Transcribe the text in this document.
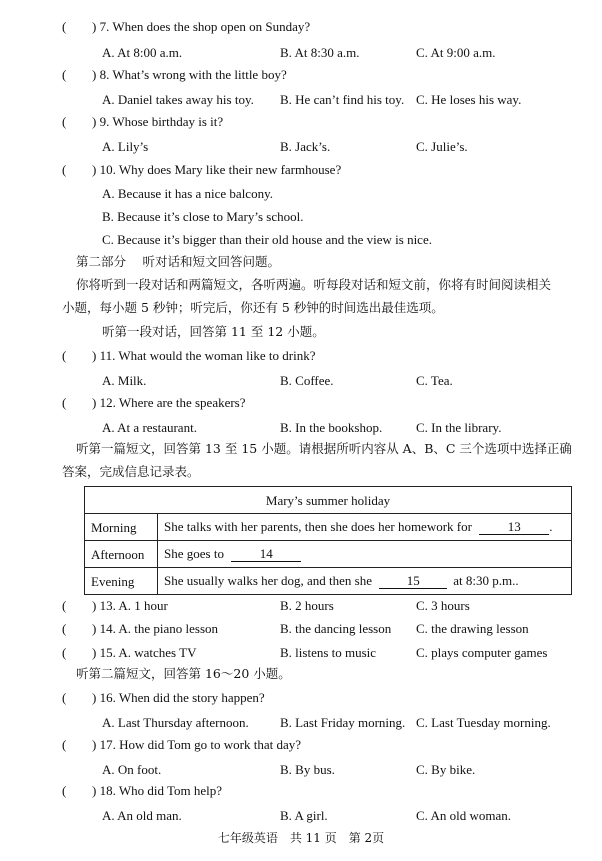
( ) 7. When does the shop open on Sunday?
A. At 8:00 a.m.	B. At 8:30 a.m.	C. At 9:00 a.m.
( ) 8. What’s wrong with the little boy?
A. Daniel takes away his toy. B. He can’t find his toy. C. He loses his way.
( ) 9. Whose birthday is it?
A. Lily’s	B. Jack’s.	C. Julie’s.
( ) 10. Why does Mary like their new farmhouse?
A. Because it has a nice balcony.
B. Because it’s close to Mary’s school.
C. Because it’s bigger than their old house and the view is nice.
第二部分　 听对话和短文回答问题。
你将听到一段对话和两篇短文，各听两遍。听每段对话和短文前，你将有时间阅读相关
小题，每小题 5 秒钟；听完后，你还有 5 秒钟的时间选出最佳选项。
听第一段对话，回答第 11 至 12 小题。
( ) 11. What would the woman like to drink?
A. Milk.	B. Coffee.	C. Tea.
( ) 12. Where are the speakers?
A. At a restaurant.	B. In the bookshop.	C. In the library.
听第一篇短文，回答第 13 至 15 小题。请根据所听内容从 A、B、C 三个选项中选择正确
答案，完成信息记录表。
Mary’s summer holiday	
Morning	She talks with her parents, then she does her homework for 13 .
Afternoon	She goes to 14
Evening	She usually walks her dog, and then she 15 at 8:30 p.m..
( ) 13. A. 1 hour	B. 2 hours	C. 3 hours
( ) 14. A. the piano lesson	B. the dancing lesson C. the drawing lesson
( ) 15. A. watches TV	B. listens to music	C. plays computer games
听第二篇短文，回答第 16～20 小题。
( ) 16. When did the story happen?
A. Last Thursday afternoon. B. Last Friday morning. C. Last Tuesday morning.
( ) 17. How did Tom go to work that day?
A. On foot.	B. By bus.	C. By bike.
( ) 18. Who did Tom help?
A. An old man.	B. A girl.	C. An old woman.
七年级英语　共 11 页　第 2页
